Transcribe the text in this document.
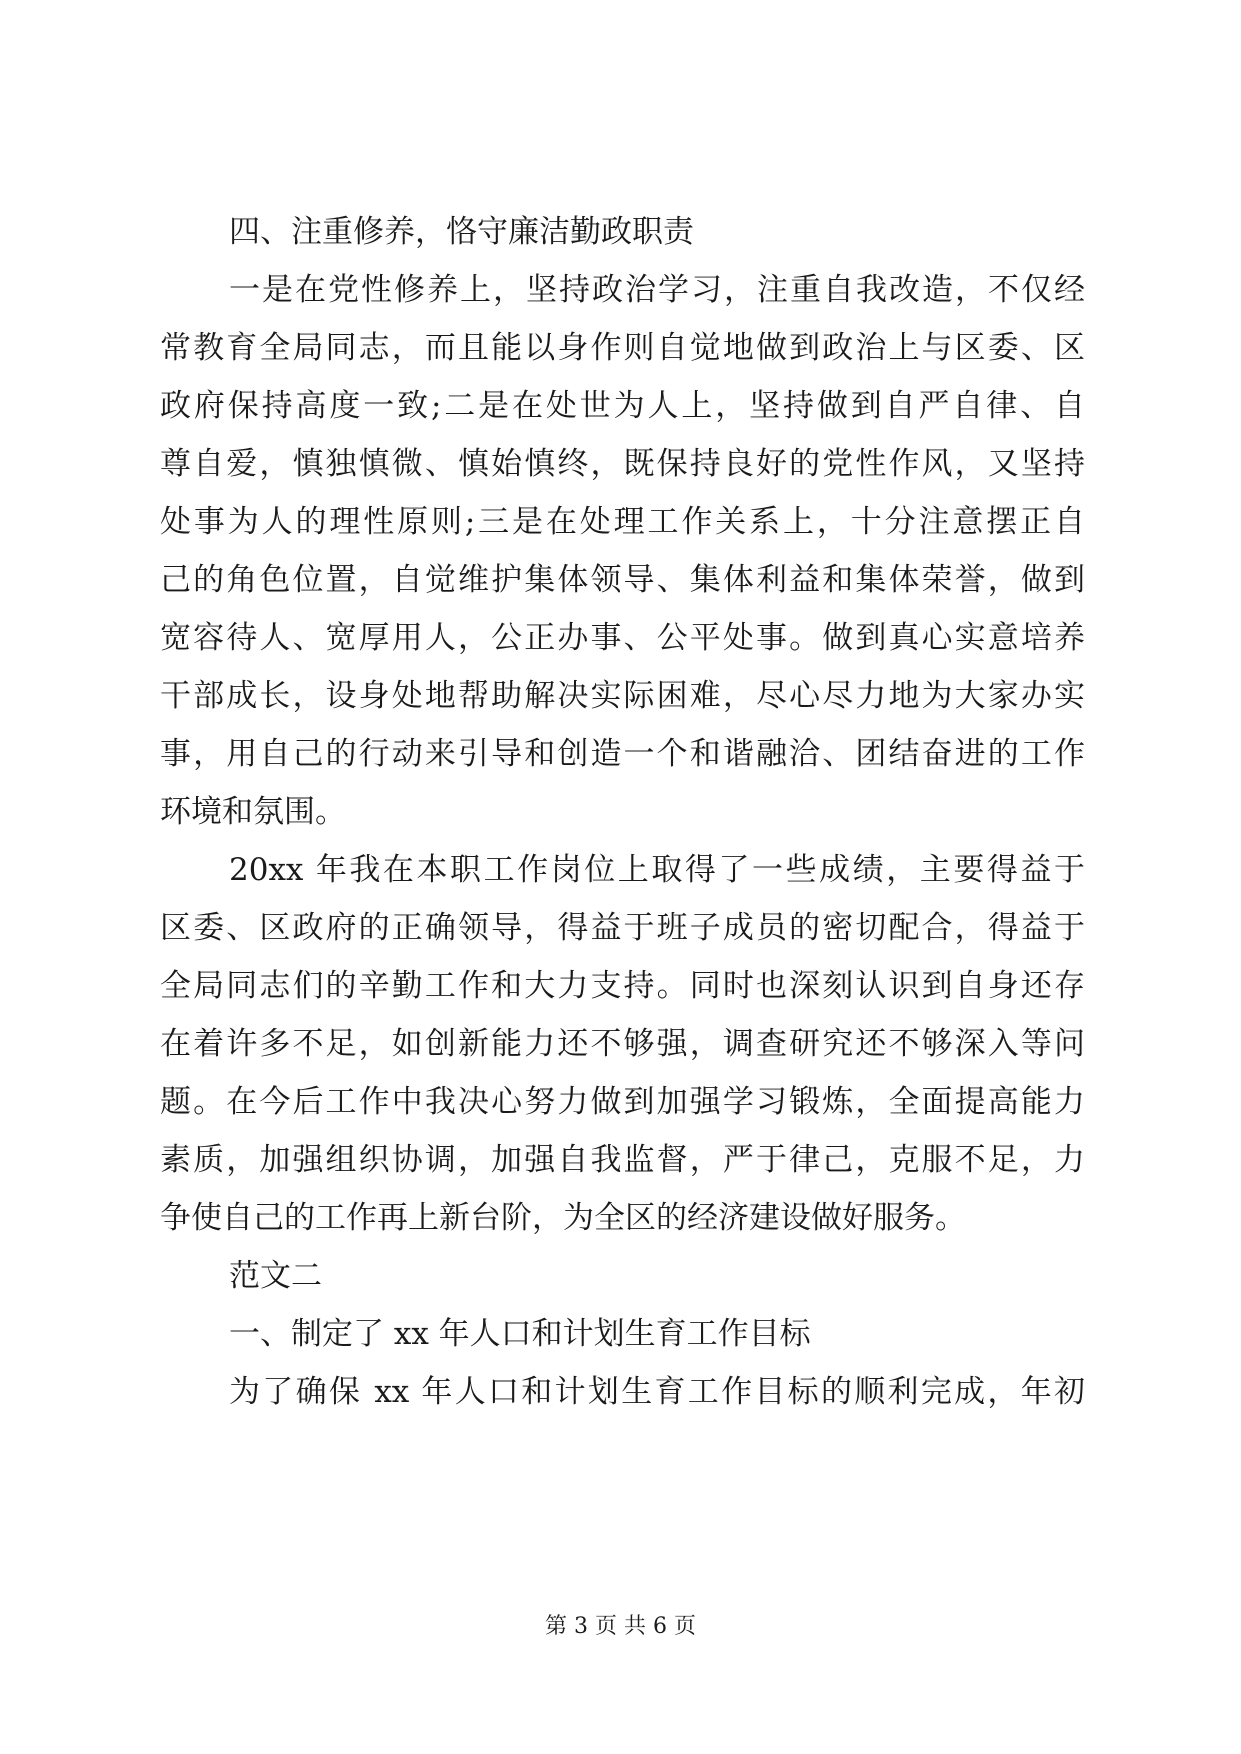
四、注重修养，恪守廉洁勤政职责
一是在党性修养上，坚持政治学习，注重自我改造，不仅经
常教育全局同志，而且能以身作则自觉地做到政治上与区委、区
政府保持高度一致;二是在处世为人上，坚持做到自严自律、自
尊自爱，慎独慎微、慎始慎终，既保持良好的党性作风，又坚持
处事为人的理性原则;三是在处理工作关系上，十分注意摆正自
己的角色位置，自觉维护集体领导、集体利益和集体荣誉，做到
宽容待人、宽厚用人，公正办事、公平处事。做到真心实意培养
干部成长，设身处地帮助解决实际困难，尽心尽力地为大家办实
事，用自己的行动来引导和创造一个和谐融洽、团结奋进的工作
环境和氛围。
20xx 年我在本职工作岗位上取得了一些成绩，主要得益于
区委、区政府的正确领导，得益于班子成员的密切配合，得益于
全局同志们的辛勤工作和大力支持。同时也深刻认识到自身还存
在着许多不足，如创新能力还不够强，调查研究还不够深入等问
题。在今后工作中我决心努力做到加强学习锻炼，全面提高能力
素质，加强组织协调，加强自我监督，严于律己，克服不足，力
争使自己的工作再上新台阶，为全区的经济建设做好服务。
范文二
一、制定了 xx 年人口和计划生育工作目标
为了确保 xx 年人口和计划生育工作目标的顺利完成，年初
第 3 页 共 6 页
